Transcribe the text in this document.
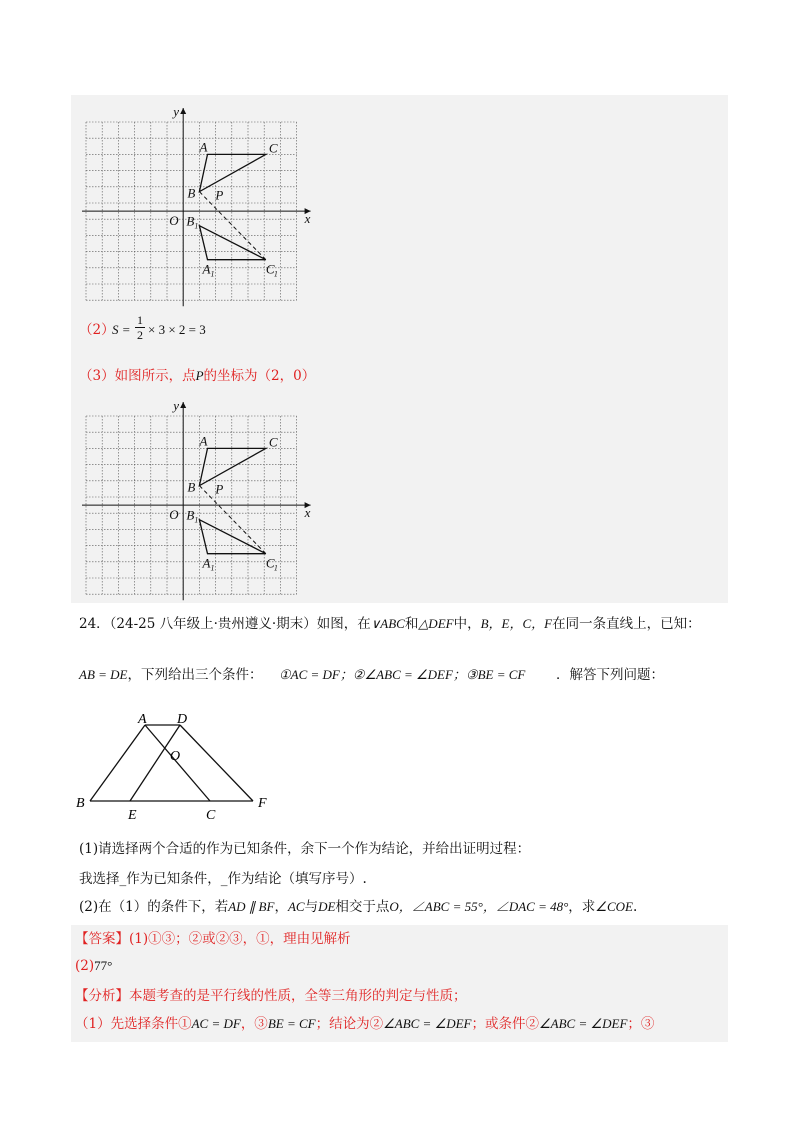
x
y
O
A	C
B P
B 1
A 1	C 1
（2）
S =
1
2 × 3 × 2 = 3
（3）如图所示，点P的坐标为（2，0）
x
y
O
A	C
B P
B 1
A 1	C 1
24．（24-25 八年级上·贵州遵义·期末）如图，在∨ABC和△DEF中，B，E，C，F在同一条直线上，已知：
AB = DE，下列给出三个条件： ①AC = DF；②∠ABC = ∠DEF；③BE = CF ．解答下列问题：
A D
O
B
E	C
F
(1)请选择两个合适的作为已知条件，余下一个作为结论，并给出证明过程：
我选择_作为已知条件，_作为结论（填写序号）.
(2)在（1）的条件下，若AD ∥ BF，AC与DE相交于点O，∠ABC = 55°，∠DAC = 48°，求∠COE.
【答案】(1)①③；②或②③，①，理由见解析
(2)77°
【分析】本题考查的是平行线的性质，全等三角形的判定与性质；
（1）先选择条件①AC = DF，③BE = CF；结论为②∠ABC = ∠DEF；或条件②∠ABC = ∠DEF；③
